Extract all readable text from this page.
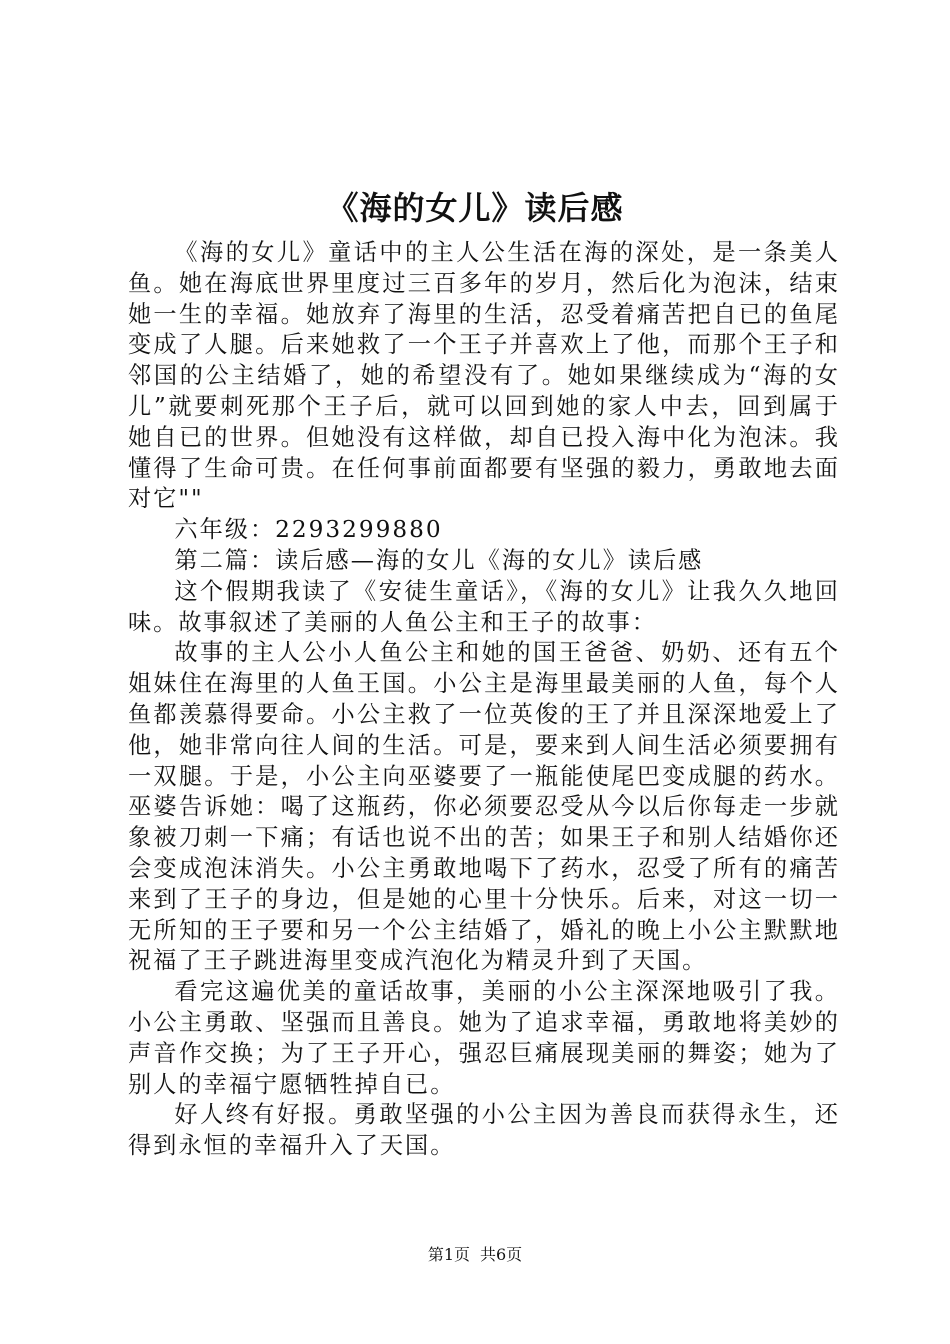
《海的女儿》读后感

《海的女儿》童话中的主人公生活在海的深处，是一条美人鱼。她在海底世界里度过三百多年的岁月，然后化为泡沫，结束她一生的幸福。她放弃了海里的生活，忍受着痛苦把自已的鱼尾变成了人腿。后来她救了一个王子并喜欢上了他，而那个王子和邻国的公主结婚了，她的希望没有了。她如果继续成为“海的女儿”就要刺死那个王子后，就可以回到她的家人中去，回到属于她自已的世界。但她没有这样做，却自已投入海中化为泡沫。我懂得了生命可贵。在任何事前面都要有坚强的毅力，勇敢地去面对它""

六年级：2293299880

第二篇：读后感—海的女儿《海的女儿》读后感

这个假期我读了《安徒生童话》，《海的女儿》让我久久地回味。故事叙述了美丽的人鱼公主和王子的故事：

故事的主人公小人鱼公主和她的国王爸爸、奶奶、还有五个姐妹住在海里的人鱼王国。小公主是海里最美丽的人鱼，每个人鱼都羡慕得要命。小公主救了一位英俊的王了并且深深地爱上了他，她非常向往人间的生活。可是，要来到人间生活必须要拥有一双腿。于是，小公主向巫婆要了一瓶能使尾巴变成腿的药水。巫婆告诉她：喝了这瓶药，你必须要忍受从今以后你每走一步就象被刀刺一下痛；有话也说不出的苦；如果王子和别人结婚你还会变成泡沫消失。小公主勇敢地喝下了药水，忍受了所有的痛苦来到了王子的身边，但是她的心里十分快乐。后来，对这一切一无所知的王子要和另一个公主结婚了，婚礼的晚上小公主默默地祝福了王子跳进海里变成汽泡化为精灵升到了天国。

看完这遍优美的童话故事，美丽的小公主深深地吸引了我。小公主勇敢、坚强而且善良。她为了追求幸福，勇敢地将美妙的声音作交换；为了王子开心，强忍巨痛展现美丽的舞姿；她为了别人的幸福宁愿牺牲掉自已。

好人终有好报。勇敢坚强的小公主因为善良而获得永生，还得到永恒的幸福升入了天国。

第1页 共6页
